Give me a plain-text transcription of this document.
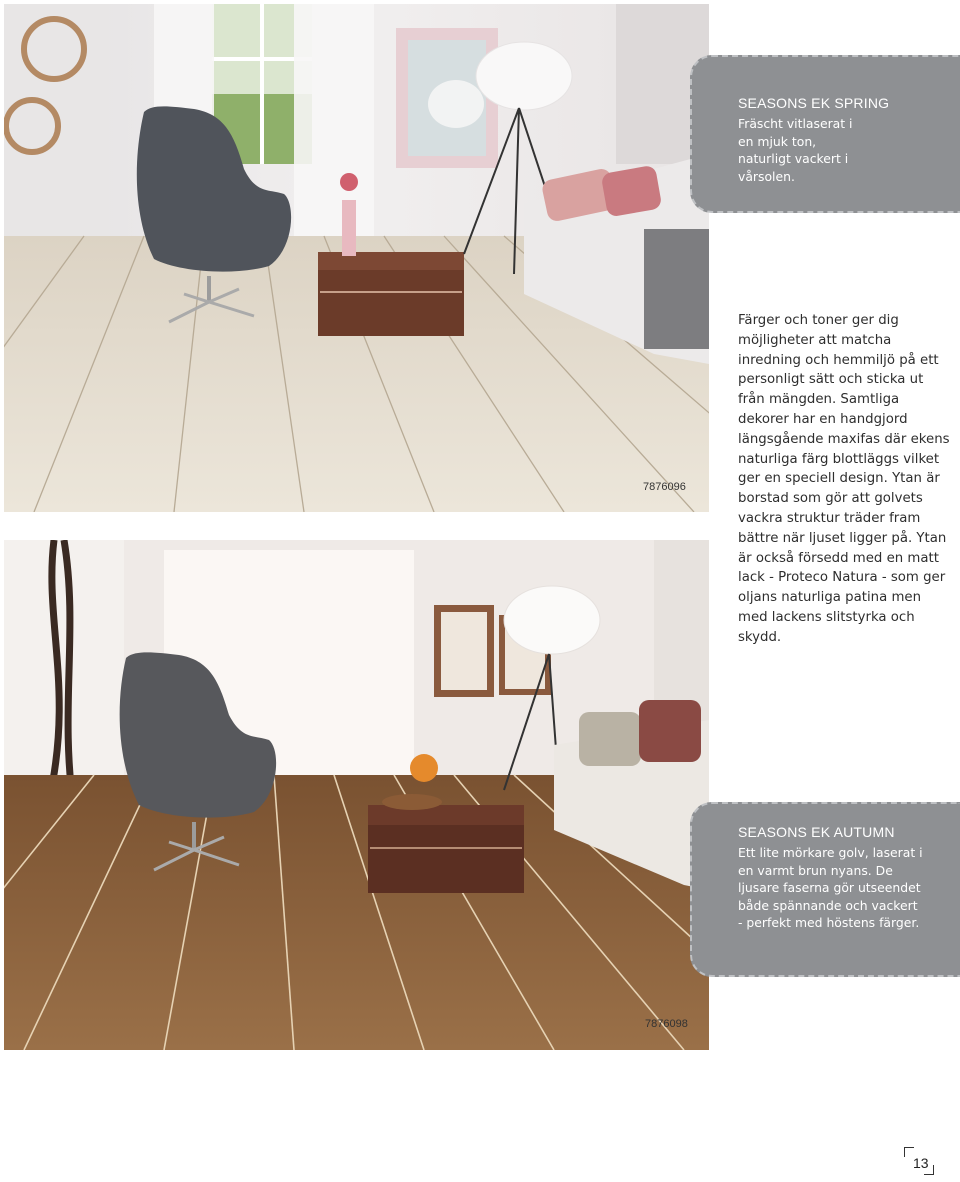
7876096
SEASONS EK SPRING
Fräscht vitlaserat i en mjuk ton, naturligt vackert i vårsolen.
Färger och toner ger dig möjligheter att matcha inredning och hemmiljö på ett personligt sätt och sticka ut från mängden. Samtliga dekorer har en handgjord längsgående maxifas där ekens naturliga färg blottläggs vilket ger en speciell design. Ytan är borstad som gör att golvets vackra struktur träder fram bättre när ljuset ligger på. Ytan är också försedd med en matt lack - Proteco Natura - som ger oljans naturliga patina men med lackens slitstyrka och skydd.
7876098
SEASONS EK AUTUMN
Ett lite mörkare golv, laserat i en varmt brun nyans. De ljusare faserna gör utseendet både spännande och vackert - perfekt med höstens färger.
13
